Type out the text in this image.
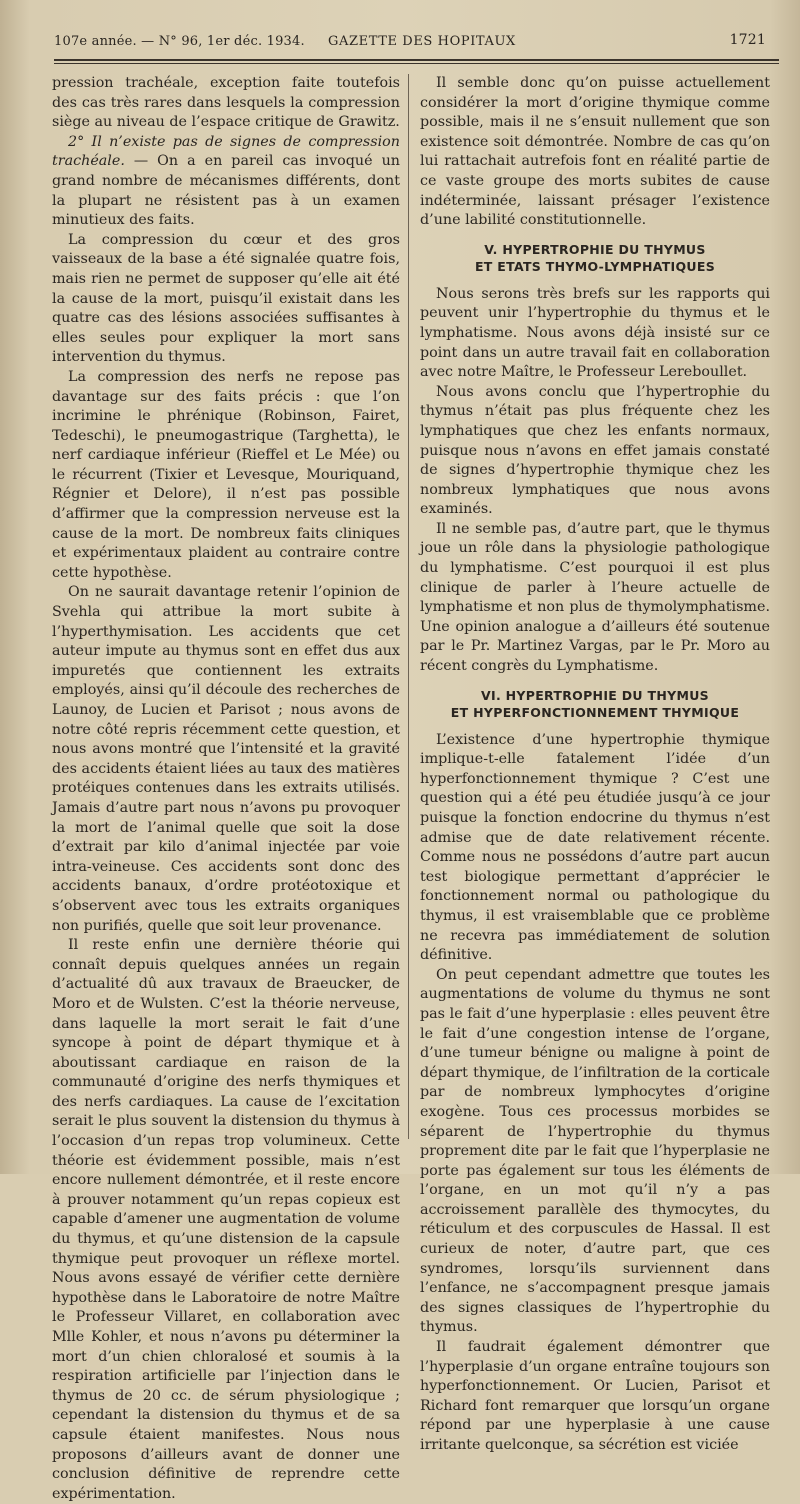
107e année. — N° 96, 1er déc. 1934. GAZETTE DES HOPITAUX	1721

pression trachéale, exception faite toutefois des cas très rares dans lesquels la compression siège au niveau de l’espace critique de Grawitz.

2° Il n’existe pas de signes de compression trachéale. — On a en pareil cas invoqué un grand nombre de mécanismes différents, dont la plupart ne résistent pas à un examen minutieux des faits.

La compression du cœur et des gros vaisseaux de la base a été signalée quatre fois, mais rien ne permet de supposer qu’elle ait été la cause de la mort, puisqu’il existait dans les quatre cas des lésions associées suffisantes à elles seules pour expliquer la mort sans intervention du thymus.

La compression des nerfs ne repose pas davantage sur des faits précis : que l’on incrimine le phrénique (Robinson, Fairet, Tedeschi), le pneumogastrique (Targhetta), le nerf cardiaque inférieur (Rieffel et Le Mée) ou le récurrent (Tixier et Levesque, Mouriquand, Régnier et Delore), il n’est pas possible d’affirmer que la compression nerveuse est la cause de la mort. De nombreux faits cliniques et expérimentaux plaident au contraire contre cette hypothèse.

On ne saurait davantage retenir l’opinion de Svehla qui attribue la mort subite à l’hyperthymisation. Les accidents que cet auteur impute au thymus sont en effet dus aux impuretés que contiennent les extraits employés, ainsi qu’il découle des recherches de Launoy, de Lucien et Parisot ; nous avons de notre côté repris récemment cette question, et nous avons montré que l’intensité et la gravité des accidents étaient liées au taux des matières protéiques contenues dans les extraits utilisés. Jamais d’autre part nous n’avons pu provoquer la mort de l’animal quelle que soit la dose d’extrait par kilo d’animal injectée par voie intra-veineuse. Ces accidents sont donc des accidents banaux, d’ordre protéotoxique et s’observent avec tous les extraits organiques non purifiés, quelle que soit leur provenance.

Il reste enfin une dernière théorie qui connaît depuis quelques années un regain d’actualité dû aux travaux de Braeucker, de Moro et de Wulsten. C’est la théorie nerveuse, dans laquelle la mort serait le fait d’une syncope à point de départ thymique et à aboutissant cardiaque en raison de la communauté d’origine des nerfs thymiques et des nerfs cardiaques. La cause de l’excitation serait le plus souvent la distension du thymus à l’occasion d’un repas trop volumineux. Cette théorie est évidemment possible, mais n’est encore nullement démontrée, et il reste encore à prouver notamment qu’un repas copieux est capable d’amener une augmentation de volume du thymus, et qu’une distension de la capsule thymique peut provoquer un réflexe mortel. Nous avons essayé de vérifier cette dernière hypothèse dans le Laboratoire de notre Maître le Professeur Villaret, en collaboration avec Mlle Kohler, et nous n’avons pu déterminer la mort d’un chien chloralosé et soumis à la respiration artificielle par l’injection dans le thymus de 20 cc. de sérum physiologique ; cependant la distension du thymus et de sa capsule étaient manifestes. Nous nous proposons d’ailleurs avant de donner une conclusion définitive de reprendre cette expérimentation.

Il semble donc qu’on puisse actuellement considérer la mort d’origine thymique comme possible, mais il ne s’ensuit nullement que son existence soit démontrée. Nombre de cas qu’on lui rattachait autrefois font en réalité partie de ce vaste groupe des morts subites de cause indéterminée, laissant présager l’existence d’une labilité constitutionnelle.

V. HYPERTROPHIE DU THYMUS
ET ETATS THYMO-LYMPHATIQUES

Nous serons très brefs sur les rapports qui peuvent unir l’hypertrophie du thymus et le lymphatisme. Nous avons déjà insisté sur ce point dans un autre travail fait en collaboration avec notre Maître, le Professeur Lereboullet.

Nous avons conclu que l’hypertrophie du thymus n’était pas plus fréquente chez les lymphatiques que chez les enfants normaux, puisque nous n’avons en effet jamais constaté de signes d’hypertrophie thymique chez les nombreux lymphatiques que nous avons examinés.

Il ne semble pas, d’autre part, que le thymus joue un rôle dans la physiologie pathologique du lymphatisme. C’est pourquoi il est plus clinique de parler à l’heure actuelle de lymphatisme et non plus de thymolymphatisme. Une opinion analogue a d’ailleurs été soutenue par le Pr. Martinez Vargas, par le Pr. Moro au récent congrès du Lymphatisme.

VI. HYPERTROPHIE DU THYMUS
ET HYPERFONCTIONNEMENT THYMIQUE

L’existence d’une hypertrophie thymique implique-t-elle fatalement l’idée d’un hyperfonctionnement thymique ? C’est une question qui a été peu étudiée jusqu’à ce jour puisque la fonction endocrine du thymus n’est admise que de date relativement récente. Comme nous ne possédons d’autre part aucun test biologique permettant d’apprécier le fonctionnement normal ou pathologique du thymus, il est vraisemblable que ce problème ne recevra pas immédiatement de solution définitive.

On peut cependant admettre que toutes les augmentations de volume du thymus ne sont pas le fait d’une hyperplasie : elles peuvent être le fait d’une congestion intense de l’organe, d’une tumeur bénigne ou maligne à point de départ thymique, de l’infiltration de la corticale par de nombreux lymphocytes d’origine exogène. Tous ces processus morbides se séparent de l’hypertrophie du thymus proprement dite par le fait que l’hyperplasie ne porte pas également sur tous les éléments de l’organe, en un mot qu’il n’y a pas accroissement parallèle des thymocytes, du réticulum et des corpuscules de Hassal. Il est curieux de noter, d’autre part, que ces syndromes, lorsqu’ils surviennent dans l’enfance, ne s’accompagnent presque jamais des signes classiques de l’hypertrophie du thymus.

Il faudrait également démontrer que l’hyperplasie d’un organe entraîne toujours son hyperfonctionnement. Or Lucien, Parisot et Richard font remarquer que lorsqu’un organe répond par une hyperplasie à une cause irritante quelconque, sa sécrétion est viciée
